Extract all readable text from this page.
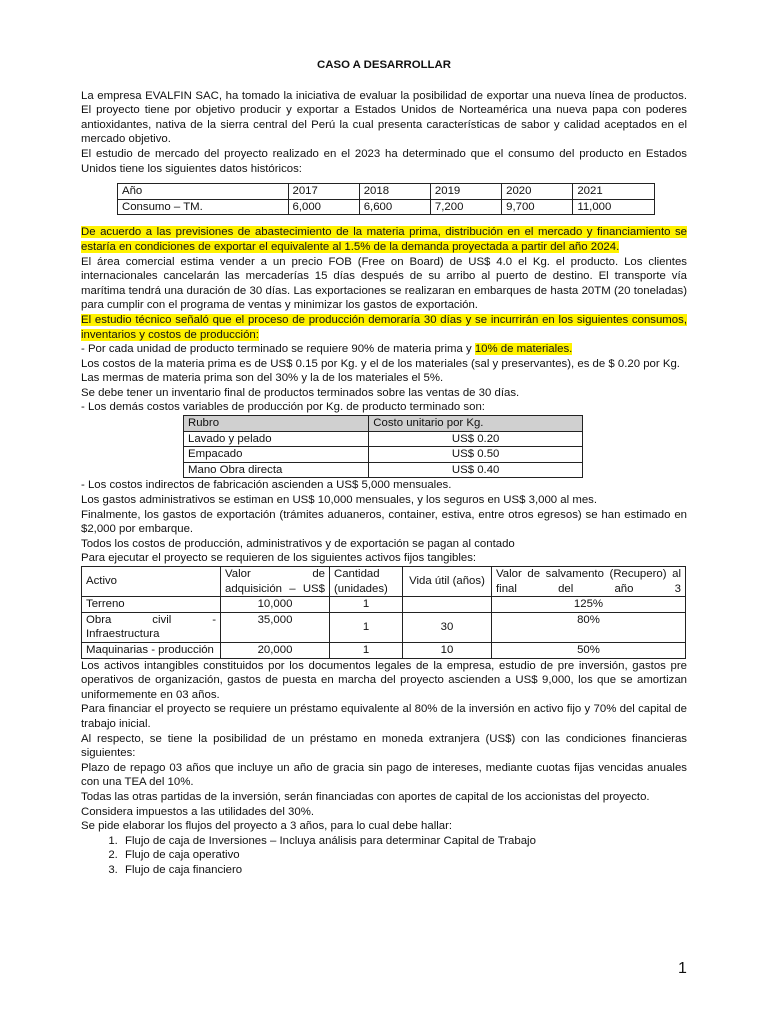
CASO A DESARROLLAR

La empresa EVALFIN SAC, ha tomado la iniciativa de evaluar la posibilidad de exportar una nueva línea de productos. El proyecto tiene por objetivo producir y exportar a Estados Unidos de Norteamérica una nueva papa con poderes antioxidantes, nativa de la sierra central del Perú la cual presenta características de sabor y calidad aceptados en el mercado objetivo.

El estudio de mercado del proyecto realizado en el 2023 ha determinado que el consumo del producto en Estados Unidos tiene los siguientes datos históricos:

Año	2017	2018	2019	2020	2021
Consumo – TM.	6,000	6,600	7,200	9,700	11,000

De acuerdo a las previsiones de abastecimiento de la materia prima, distribución en el mercado y financiamiento se estaría en condiciones de exportar el equivalente al 1.5% de la demanda proyectada a partir del año 2024.

El área comercial estima vender a un precio FOB (Free on Board) de US$ 4.0 el Kg. el producto. Los clientes internacionales cancelarán las mercaderías 15 días después de su arribo al puerto de destino. El transporte vía marítima tendrá una duración de 30 días. Las exportaciones se realizaran en embarques de hasta 20TM (20 toneladas) para cumplir con el programa de ventas y minimizar los gastos de exportación.

El estudio técnico señaló que el proceso de producción demoraría 30 días y se incurrirán en los siguientes consumos, inventarios y costos de producción:

- Por cada unidad de producto terminado se requiere 90% de materia prima y 10% de materiales.

Los costos de la materia prima es de US$ 0.15 por Kg. y el de los materiales (sal y preservantes), es de $ 0.20 por Kg.

Las mermas de materia prima son del 30% y la de los materiales el 5%.

Se debe tener un inventario final de productos terminados sobre las ventas de 30 días.

- Los demás costos variables de producción por Kg. de producto terminado son:

Rubro	Costo unitario por Kg.
Lavado y pelado	US$ 0.20
Empacado	US$ 0.50
Mano Obra directa	US$ 0.40

- Los costos indirectos de fabricación ascienden a US$ 5,000 mensuales.

Los gastos administrativos se estiman en US$ 10,000 mensuales, y los seguros en US$ 3,000 al mes.

Finalmente, los gastos de exportación (trámites aduaneros, container, estiva, entre otros egresos) se han estimado en $2,000 por embarque.

Todos los costos de producción, administrativos y de exportación se pagan al contado

Para ejecutar el proyecto se requieren de los siguientes activos fijos tangibles:

Activo	Valor de adquisición – US$	Cantidad (unidades)	Vida útil (años)	Valor de salvamento (Recupero) al final del año 3
Terreno	10,000	1		125%
Obra civil - Infraestructura	35,000	1	30	80%
Maquinarias - producción	20,000	1	10	50%

Los activos intangibles constituidos por los documentos legales de la empresa, estudio de pre inversión, gastos pre operativos de organización, gastos de puesta en marcha del proyecto ascienden a US$ 9,000, los que se amortizan uniformemente en 03 años.

Para financiar el proyecto se requiere un préstamo equivalente al 80% de la inversión en activo fijo y 70% del capital de trabajo inicial.

Al respecto, se tiene la posibilidad de un préstamo en moneda extranjera (US$) con las condiciones financieras siguientes:

Plazo de repago 03 años que incluye un año de gracia sin pago de intereses, mediante cuotas fijas vencidas anuales con una TEA del 10%.

Todas las otras partidas de la inversión, serán financiadas con aportes de capital de los accionistas del proyecto.

Considera impuestos a las utilidades del 30%.

Se pide elaborar los flujos del proyecto a 3 años, para lo cual debe hallar:

1. Flujo de caja de Inversiones – Incluya análisis para determinar Capital de Trabajo
2. Flujo de caja operativo
3. Flujo de caja financiero
1
